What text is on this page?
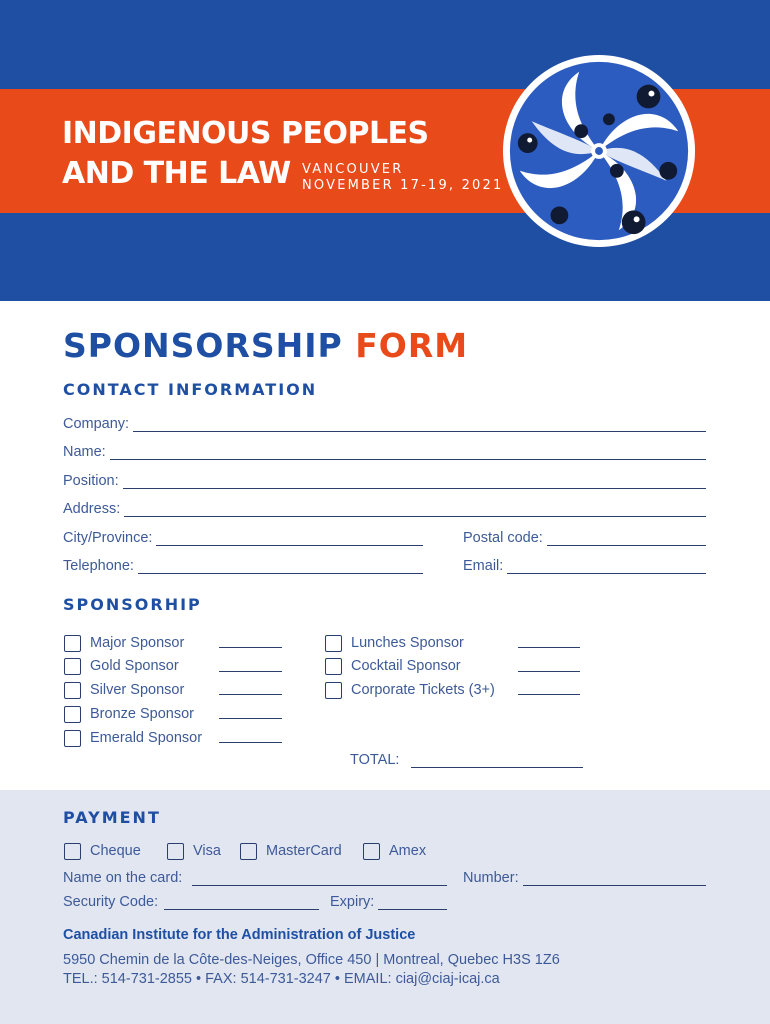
INDIGENOUS PEOPLES
AND THE LAW VANCOUVER
NOVEMBER 17-19, 2021
SPONSORSHIP FORM
CONTACT INFORMATION
Company:
Name:
Position:
Address:
City/Province:	Postal code:
Telephone:	Email:
SPONSORHIP
Major Sponsor
Gold Sponsor
Silver Sponsor
Bronze Sponsor
Emerald Sponsor
Lunches Sponsor
Cocktail Sponsor
Corporate Tickets (3+)
TOTAL:
PAYMENT
Cheque	Visa	MasterCard	Amex
Name on the card:	Number:
Security Code:	Expiry:
Canadian Institute for the Administration of Justice
5950 Chemin de la Côte-des-Neiges, Office 450 | Montreal, Quebec H3S 1Z6
TEL.: 514-731-2855 • FAX: 514-731-3247 • EMAIL: ciaj@ciaj-icaj.ca
